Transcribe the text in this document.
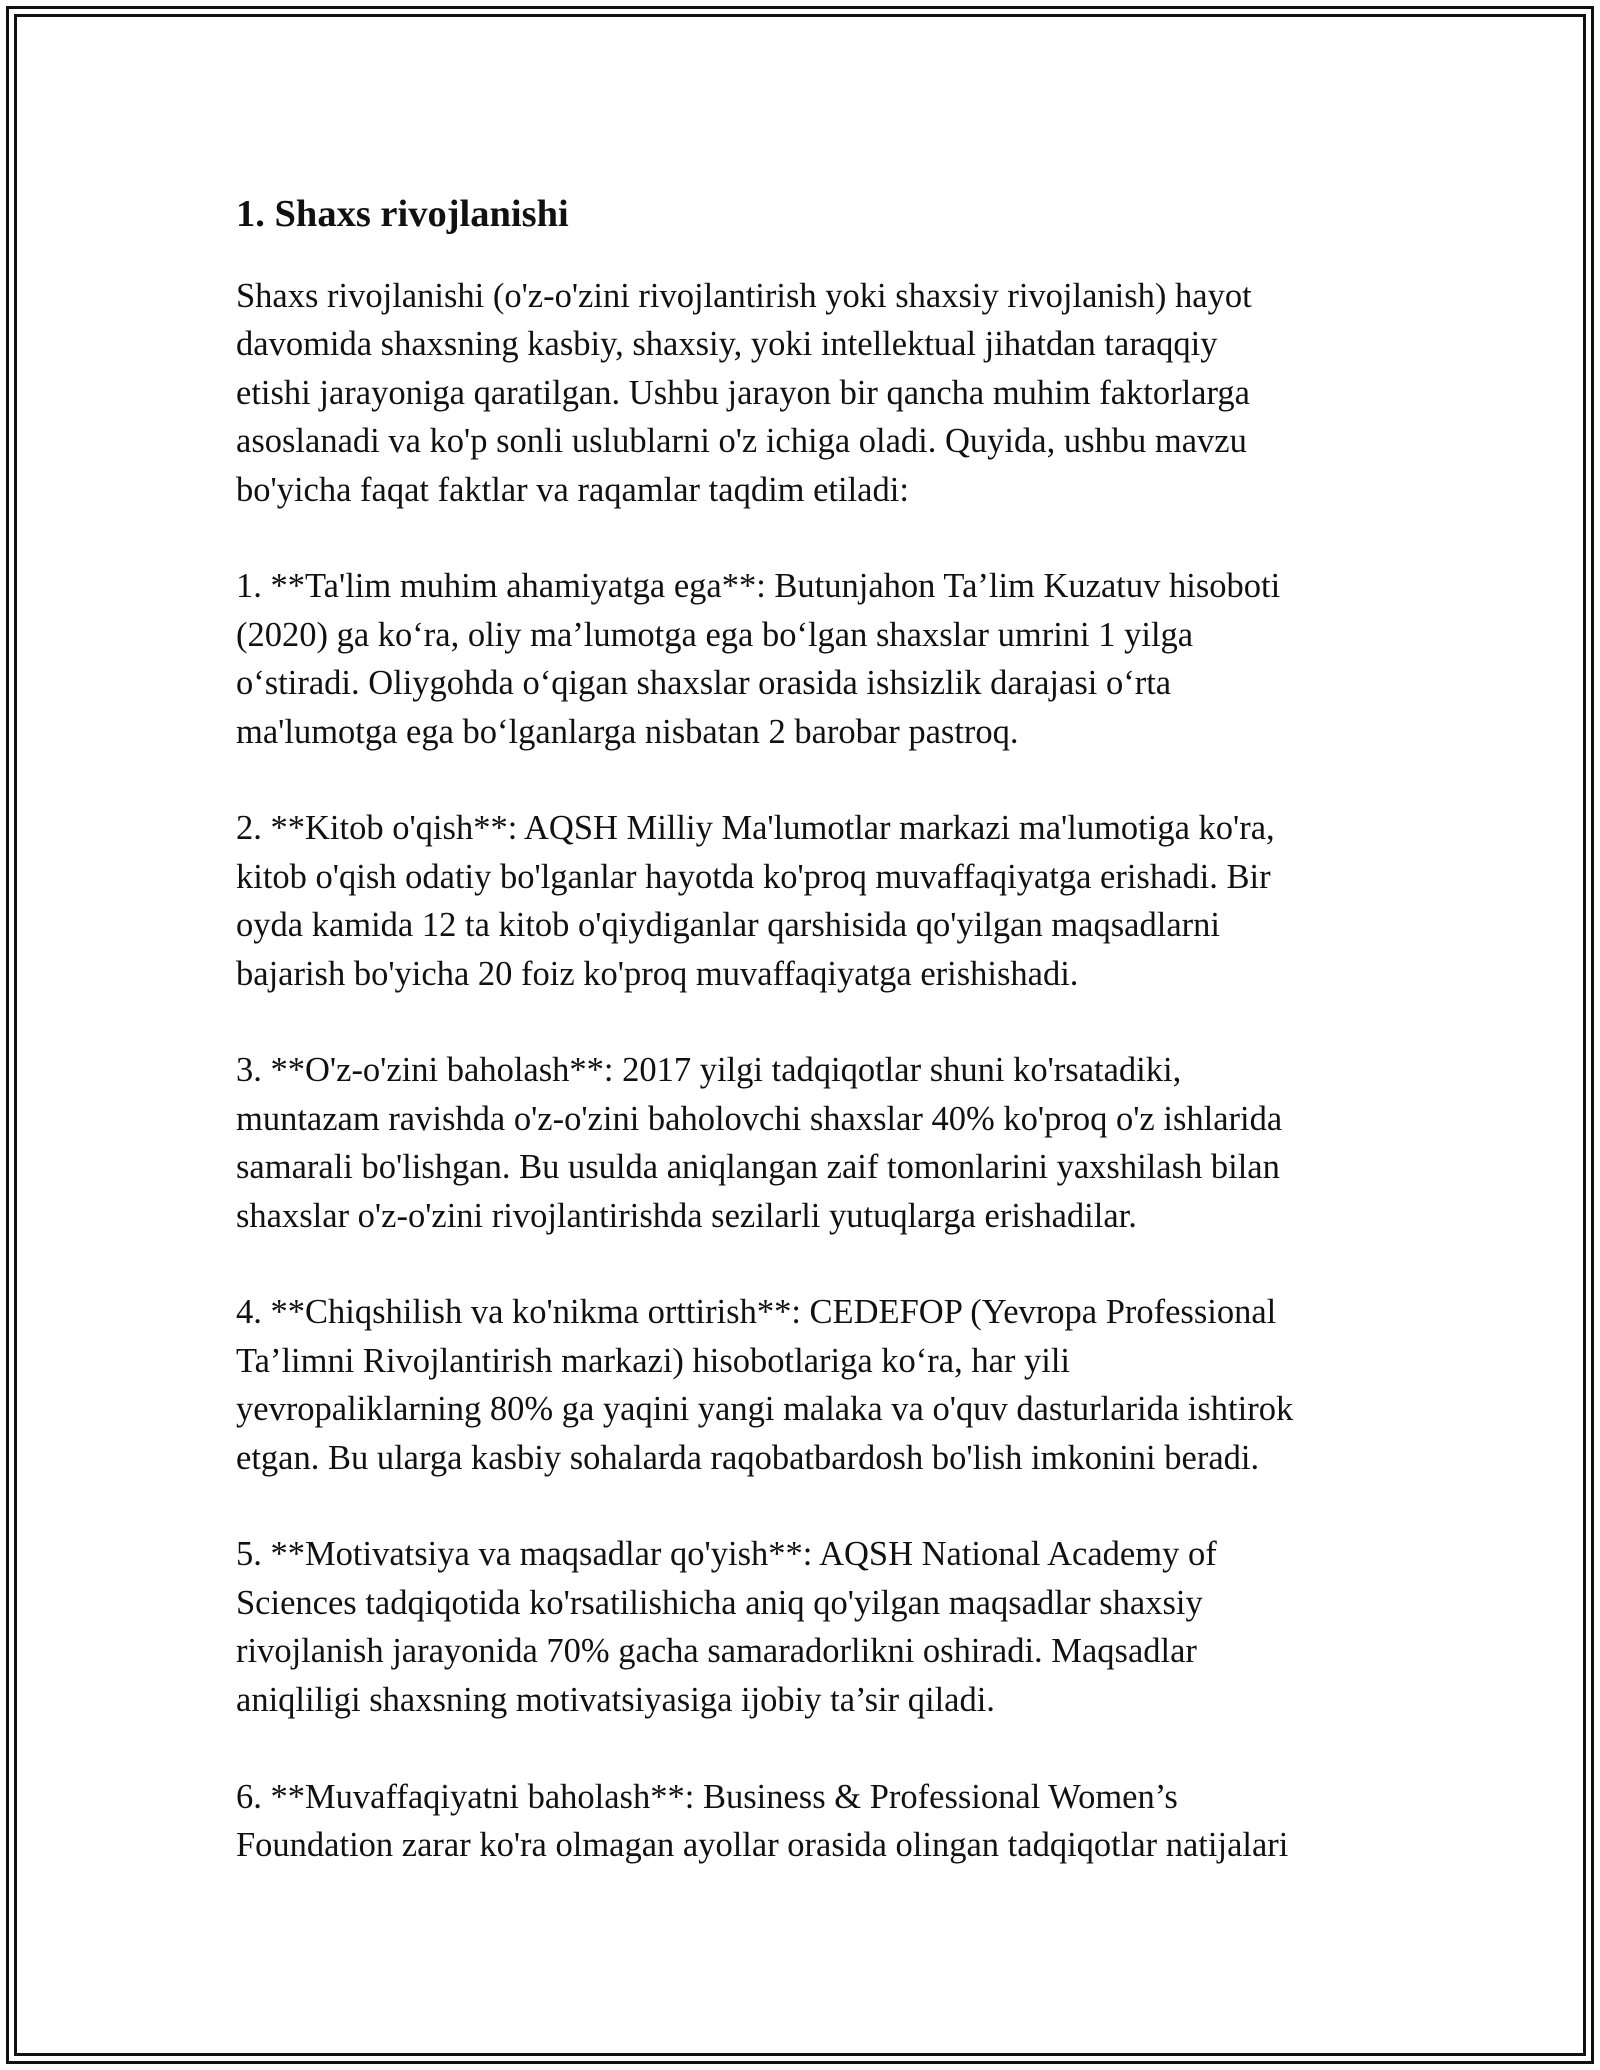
1. Shaxs rivojlanishi

Shaxs rivojlanishi (o'z-o'zini rivojlantirish yoki shaxsiy rivojlanish) hayot
davomida shaxsning kasbiy, shaxsiy, yoki intellektual jihatdan taraqqiy
etishi jarayoniga qaratilgan. Ushbu jarayon bir qancha muhim faktorlarga
asoslanadi va ko'p sonli uslublarni o'z ichiga oladi. Quyida, ushbu mavzu
bo'yicha faqat faktlar va raqamlar taqdim etiladi:

1. **Ta'lim muhim ahamiyatga ega**: Butunjahon Ta’lim Kuzatuv hisoboti
(2020) ga ko‘ra, oliy ma’lumotga ega bo‘lgan shaxslar umrini 1 yilga
o‘stiradi. Oliygohda o‘qigan shaxslar orasida ishsizlik darajasi o‘rta
ma'lumotga ega bo‘lganlarga nisbatan 2 barobar pastroq.

2. **Kitob o'qish**: AQSH Milliy Ma'lumotlar markazi ma'lumotiga ko'ra,
kitob o'qish odatiy bo'lganlar hayotda ko'proq muvaffaqiyatga erishadi. Bir
oyda kamida 12 ta kitob o'qiydiganlar qarshisida qo'yilgan maqsadlarni
bajarish bo'yicha 20 foiz ko'proq muvaffaqiyatga erishishadi.

3. **O'z-o'zini baholash**: 2017 yilgi tadqiqotlar shuni ko'rsatadiki,
muntazam ravishda o'z-o'zini baholovchi shaxslar 40% ko'proq o'z ishlarida
samarali bo'lishgan. Bu usulda aniqlangan zaif tomonlarini yaxshilash bilan
shaxslar o'z-o'zini rivojlantirishda sezilarli yutuqlarga erishadilar.

4. **Chiqshilish va ko'nikma orttirish**: CEDEFOP (Yevropa Professional
Ta’limni Rivojlantirish markazi) hisobotlariga ko‘ra, har yili
yevropaliklarning 80% ga yaqini yangi malaka va o'quv dasturlarida ishtirok
etgan. Bu ularga kasbiy sohalarda raqobatbardosh bo'lish imkonini beradi.

5. **Motivatsiya va maqsadlar qo'yish**: AQSH National Academy of
Sciences tadqiqotida ko'rsatilishicha aniq qo'yilgan maqsadlar shaxsiy
rivojlanish jarayonida 70% gacha samaradorlikni oshiradi. Maqsadlar
aniqliligi shaxsning motivatsiyasiga ijobiy ta’sir qiladi.

6. **Muvaffaqiyatni baholash**: Business & Professional Women’s
Foundation zarar ko'ra olmagan ayollar orasida olingan tadqiqotlar natijalari
